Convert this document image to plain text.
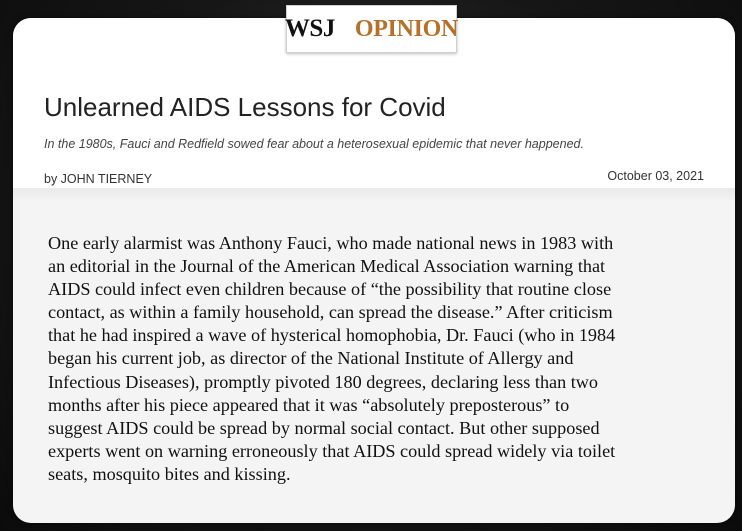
WSJ OPINION
Unlearned AIDS Lessons for Covid
In the 1980s, Fauci and Redfield sowed fear about a heterosexual epidemic that never happened.
by JOHN TIERNEY	October 03, 2021

One early alarmist was Anthony Fauci, who made national news in 1983 with
an editorial in the Journal of the American Medical Association warning that
AIDS could infect even children because of “the possibility that routine close
contact, as within a family household, can spread the disease.” After criticism
that he had inspired a wave of hysterical homophobia, Dr. Fauci (who in 1984
began his current job, as director of the National Institute of Allergy and
Infectious Diseases), promptly pivoted 180 degrees, declaring less than two
months after his piece appeared that it was “absolutely preposterous” to
suggest AIDS could be spread by normal social contact. But other supposed
experts went on warning erroneously that AIDS could spread widely via toilet
seats, mosquito bites and kissing.
